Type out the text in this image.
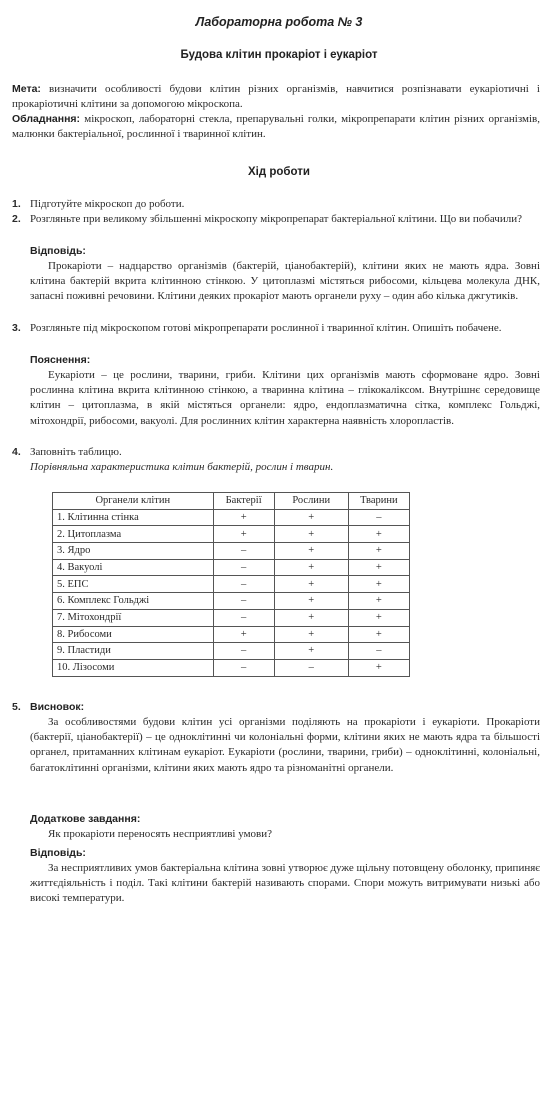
Лабораторна робота № 3
Будова клітин прокаріот і еукаріот
Мета: визначити особливості будови клітин різних організмів, навчитися розпізнавати еукаріотичні і прокаріотичні клітини за допомогою мікроскопа.
Обладнання: мікроскоп, лабораторні стекла, препарувальні голки, мікропрепарати клітин різних організмів, малюнки бактеріальної, рослинної і тваринної клітин.
Хід роботи
1. Підготуйте мікроскоп до роботи.
2. Розгляньте при великому збільшенні мікроскопу мікропрепарат бактеріальної клітини. Що ви побачили?
Відповідь:
Прокаріоти – надцарство організмів (бактерій, ціанобактерій), клітини яких не мають ядра. Зовні клітина бактерій вкрита клітинною стінкою. У цитоплазмі містяться рибосоми, кільцева молекула ДНК, запасні поживні речовини. Клітини деяких прокаріот мають органели руху – один або кілька джгутиків.
3. Розгляньте під мікроскопом готові мікропрепарати рослинної і тваринної клітин. Опишіть побачене.
Пояснення:
Еукаріоти – це рослини, тварини, гриби. Клітини цих організмів мають сформоване ядро. Зовні рослинна клітина вкрита клітинною стінкою, а тваринна клітина – глікокаліксом. Внутрішнє середовище клітин – цитоплазма, в якій містяться органели: ядро, ендоплазматична сітка, комплекс Гольджі, мітохондрії, рибосоми, вакуолі. Для рослинних клітин характерна наявність хлоропластів.
4. Заповніть таблицю.
Порівняльна характеристика клітин бактерій, рослин і тварин.
Органели клітин	Бактерії	Рослини	Тварини
1. Клітинна стінка	+	+	–
2. Цитоплазма	+	+	+
3. Ядро	–	+	+
4. Вакуолі	–	+	+
5. ЕПС	–	+	+
6. Комплекс Гольджі	–	+	+
7. Мітохондрії	–	+	+
8. Рибосоми	+	+	+
9. Пластиди	–	+	–
10. Лізосоми	–	–	+
5. Висновок:
За особливостями будови клітин усі організми поділяють на прокаріоти і еукаріоти. Прокаріоти (бактерії, ціанобактерії) – це одноклітинні чи колоніальні форми, клітини яких не мають ядра та більшості органел, притаманних клітинам еукаріот. Еукаріоти (рослини, тварини, гриби) – одноклітинні, колоніальні, багатоклітинні організми, клітини яких мають ядро та різноманітні органели.
Додаткове завдання:
Як прокаріоти переносять несприятливі умови?
Відповідь:
За несприятливих умов бактеріальна клітина зовні утворює дуже щільну потовщену оболонку, припиняє життєдіяльність і поділ. Такі клітини бактерій називають спорами. Спори можуть витримувати низькі або високі температури.
